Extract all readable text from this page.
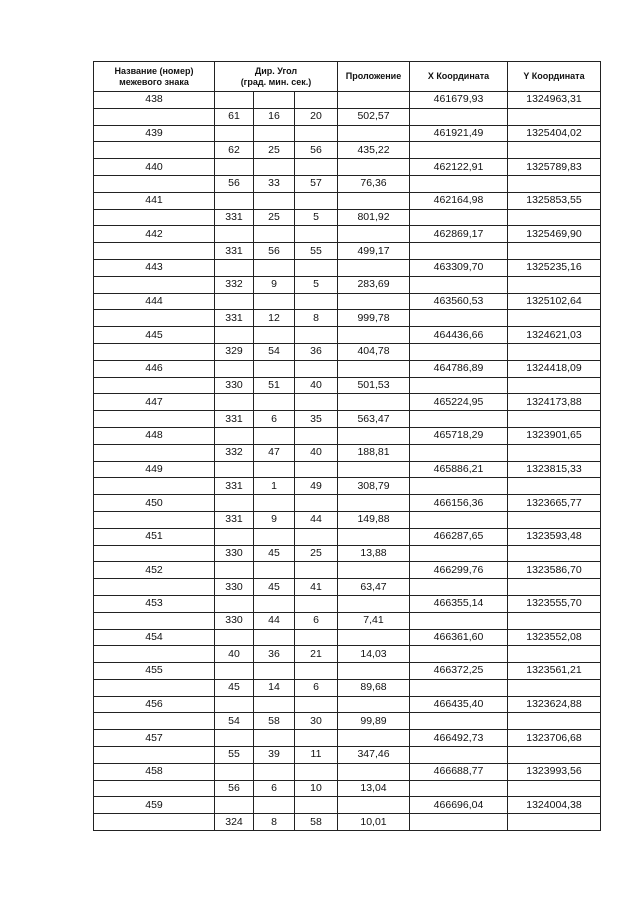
Название (номер)
межевого знака	Дир. Угол
(град. мин. сек.)			Проложение	X Координата	Y Координата
438					461679,93	1324963,31
	61	16	20	502,57		
439					461921,49	1325404,02
	62	25	56	435,22		
440					462122,91	1325789,83
	56	33	57	76,36		
441					462164,98	1325853,55
	331	25	5	801,92		
442					462869,17	1325469,90
	331	56	55	499,17		
443					463309,70	1325235,16
	332	9	5	283,69		
444					463560,53	1325102,64
	331	12	8	999,78		
445					464436,66	1324621,03
	329	54	36	404,78		
446					464786,89	1324418,09
	330	51	40	501,53		
447					465224,95	1324173,88
	331	6	35	563,47		
448					465718,29	1323901,65
	332	47	40	188,81		
449					465886,21	1323815,33
	331	1	49	308,79		
450					466156,36	1323665,77
	331	9	44	149,88		
451					466287,65	1323593,48
	330	45	25	13,88		
452					466299,76	1323586,70
	330	45	41	63,47		
453					466355,14	1323555,70
	330	44	6	7,41		
454					466361,60	1323552,08
	40	36	21	14,03		
455					466372,25	1323561,21
	45	14	6	89,68		
456					466435,40	1323624,88
	54	58	30	99,89		
457					466492,73	1323706,68
	55	39	11	347,46		
458					466688,77	1323993,56
	56	6	10	13,04		
459					466696,04	1324004,38
	324	8	58	10,01		
